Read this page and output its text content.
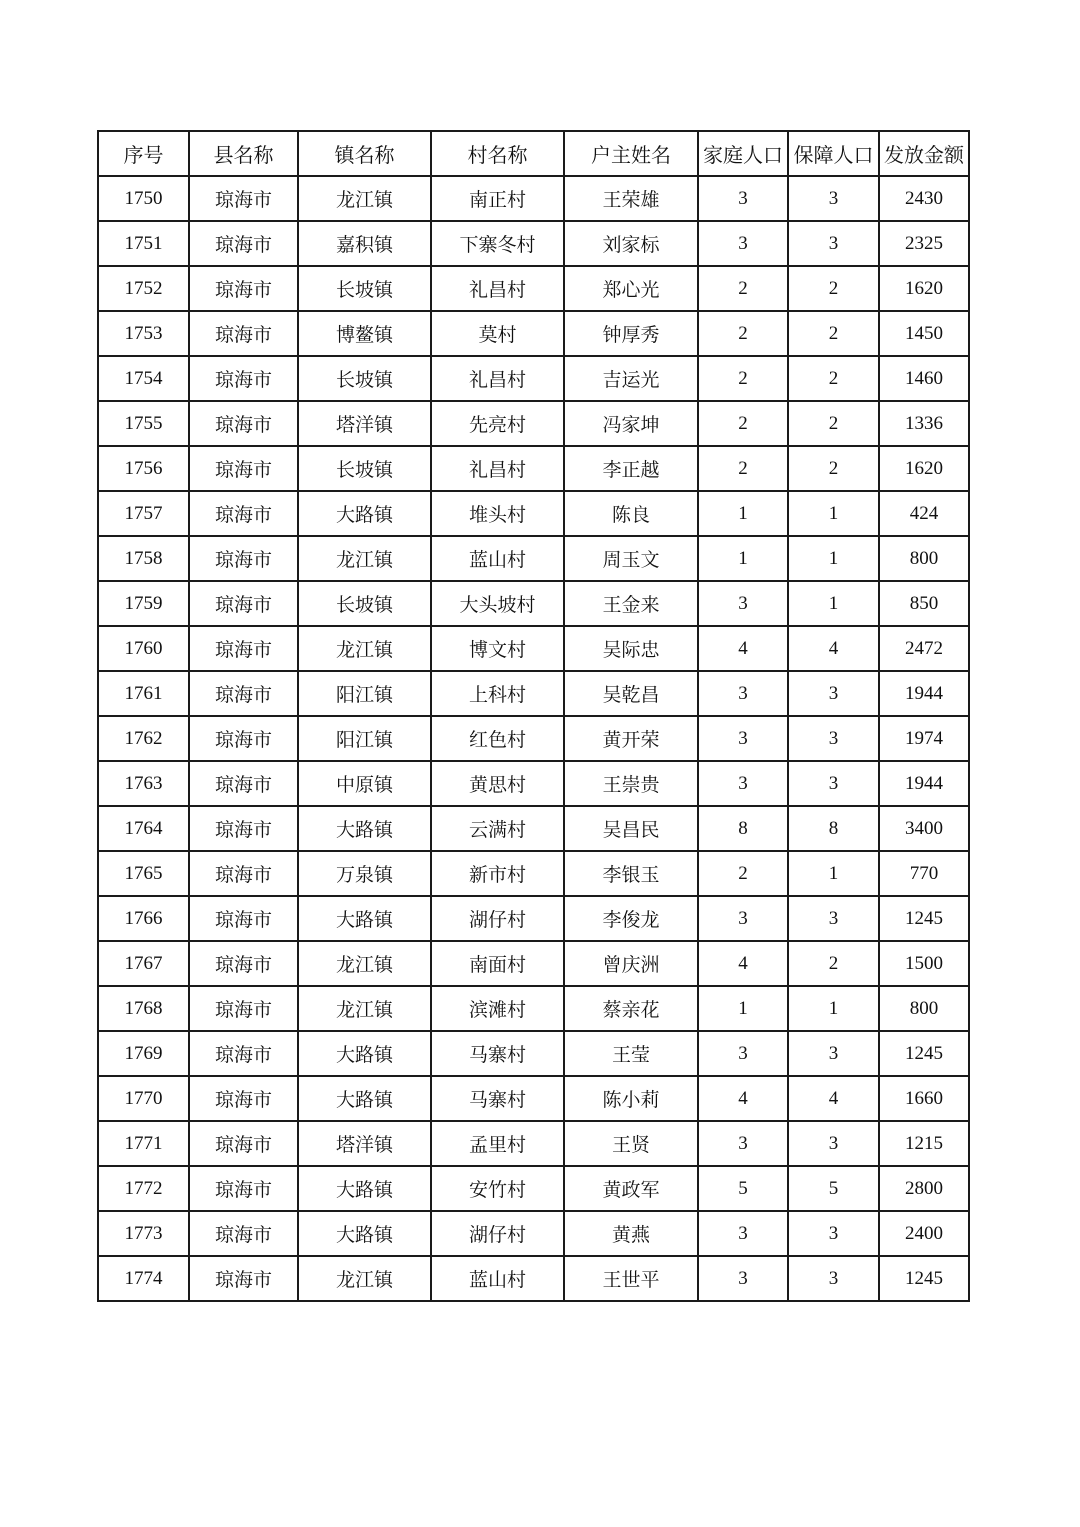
序号	县名称	镇名称	村名称	户主姓名	家庭人口	保障人口	发放金额
1750	琼海市	龙江镇	南正村	王荣雄	3	3	2430
1751	琼海市	嘉积镇	下寨冬村	刘家标	3	3	2325
1752	琼海市	长坡镇	礼昌村	郑心光	2	2	1620
1753	琼海市	博鳌镇	莫村	钟厚秀	2	2	1450
1754	琼海市	长坡镇	礼昌村	吉运光	2	2	1460
1755	琼海市	塔洋镇	先亮村	冯家坤	2	2	1336
1756	琼海市	长坡镇	礼昌村	李正越	2	2	1620
1757	琼海市	大路镇	堆头村	陈良	1	1	424
1758	琼海市	龙江镇	蓝山村	周玉文	1	1	800
1759	琼海市	长坡镇	大头坡村	王金来	3	1	850
1760	琼海市	龙江镇	博文村	吴际忠	4	4	2472
1761	琼海市	阳江镇	上科村	吴乾昌	3	3	1944
1762	琼海市	阳江镇	红色村	黄开荣	3	3	1974
1763	琼海市	中原镇	黄思村	王崇贵	3	3	1944
1764	琼海市	大路镇	云满村	吴昌民	8	8	3400
1765	琼海市	万泉镇	新市村	李银玉	2	1	770
1766	琼海市	大路镇	湖仔村	李俊龙	3	3	1245
1767	琼海市	龙江镇	南面村	曾庆洲	4	2	1500
1768	琼海市	龙江镇	滨滩村	蔡亲花	1	1	800
1769	琼海市	大路镇	马寨村	王莹	3	3	1245
1770	琼海市	大路镇	马寨村	陈小莉	4	4	1660
1771	琼海市	塔洋镇	孟里村	王贤	3	3	1215
1772	琼海市	大路镇	安竹村	黄政军	5	5	2800
1773	琼海市	大路镇	湖仔村	黄燕	3	3	2400
1774	琼海市	龙江镇	蓝山村	王世平	3	3	1245
